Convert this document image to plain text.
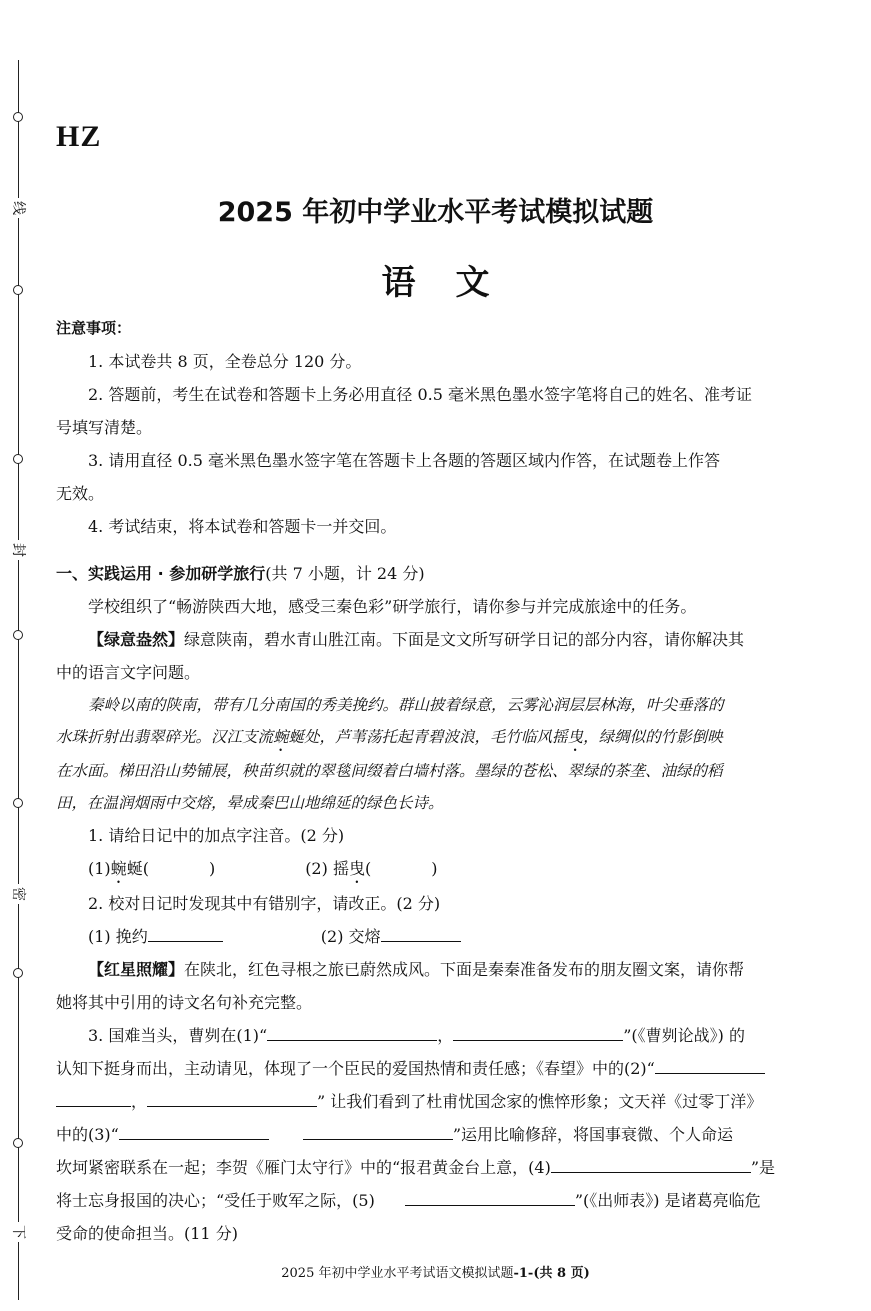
线
封
密
下
HZ
2025 年初中学业水平考试模拟试题
语文
注意事项：
1. 本试卷共 8 页，全卷总分 120 分。
2. 答题前，考生在试卷和答题卡上务必用直径 0.5 毫米黑色墨水签字笔将自己的姓名、准考证
号填写清楚。
3. 请用直径 0.5 毫米黑色墨水签字笔在答题卡上各题的答题区域内作答，在试题卷上作答
无效。
4. 考试结束，将本试卷和答题卡一并交回。
一、实践运用 · 参加研学旅行(共 7 小题，计 24 分)
学校组织了“畅游陕西大地，感受三秦色彩”研学旅行，请你参与并完成旅途中的任务。
【绿意盎然】绿意陕南，碧水青山胜江南。下面是文文所写研学日记的部分内容，请你解决其
中的语言文字问题。
秦岭以南的陕南，带有几分南国的秀美挽约。群山披着绿意，云雾沁润层层林海，叶尖垂落的
水珠折射出翡翠碎光。汉江支流蜿蜒处，芦苇荡托起青碧波浪，毛竹临风摇曳，绿绸似的竹影倒映
在水面。梯田沿山势铺展，秧苗织就的翠毯间缀着白墙村落。墨绿的苍松、翠绿的茶垄、油绿的稻
田，在温润烟雨中交熔，晕成秦巴山地绵延的绿色长诗。
1. 请给日记中的加点字注音。(2 分)
(1)蜿蜒(	)	(2) 摇曳(	)
2. 校对日记时发现其中有错别字，请改正。(2 分)
(1) 挽约	(2) 交熔
【红星照耀】在陕北，红色寻根之旅已蔚然成风。下面是秦秦准备发布的朋友圈文案，请你帮
她将其中引用的诗文名句补充完整。
3. 国难当头，曹刿在(1)“	，	”(《曹刿论战》) 的
认知下挺身而出，主动请见，体现了一个臣民的爱国热情和责任感；《春望》中的(2)“
，	” 让我们看到了杜甫忧国念家的憔悴形象；文天祥《过零丁洋》
中的(3)“	”运用比喻修辞，将国事衰微、个人命运
坎坷紧密联系在一起；李贺《雁门太守行》中的“报君黄金台上意，(4)	”是
将士忘身报国的决心；“受任于败军之际，(5)	”(《出师表》) 是诸葛亮临危
受命的使命担当。(11 分)
2025 年初中学业水平考试语文模拟试题-1-(共 8 页)
